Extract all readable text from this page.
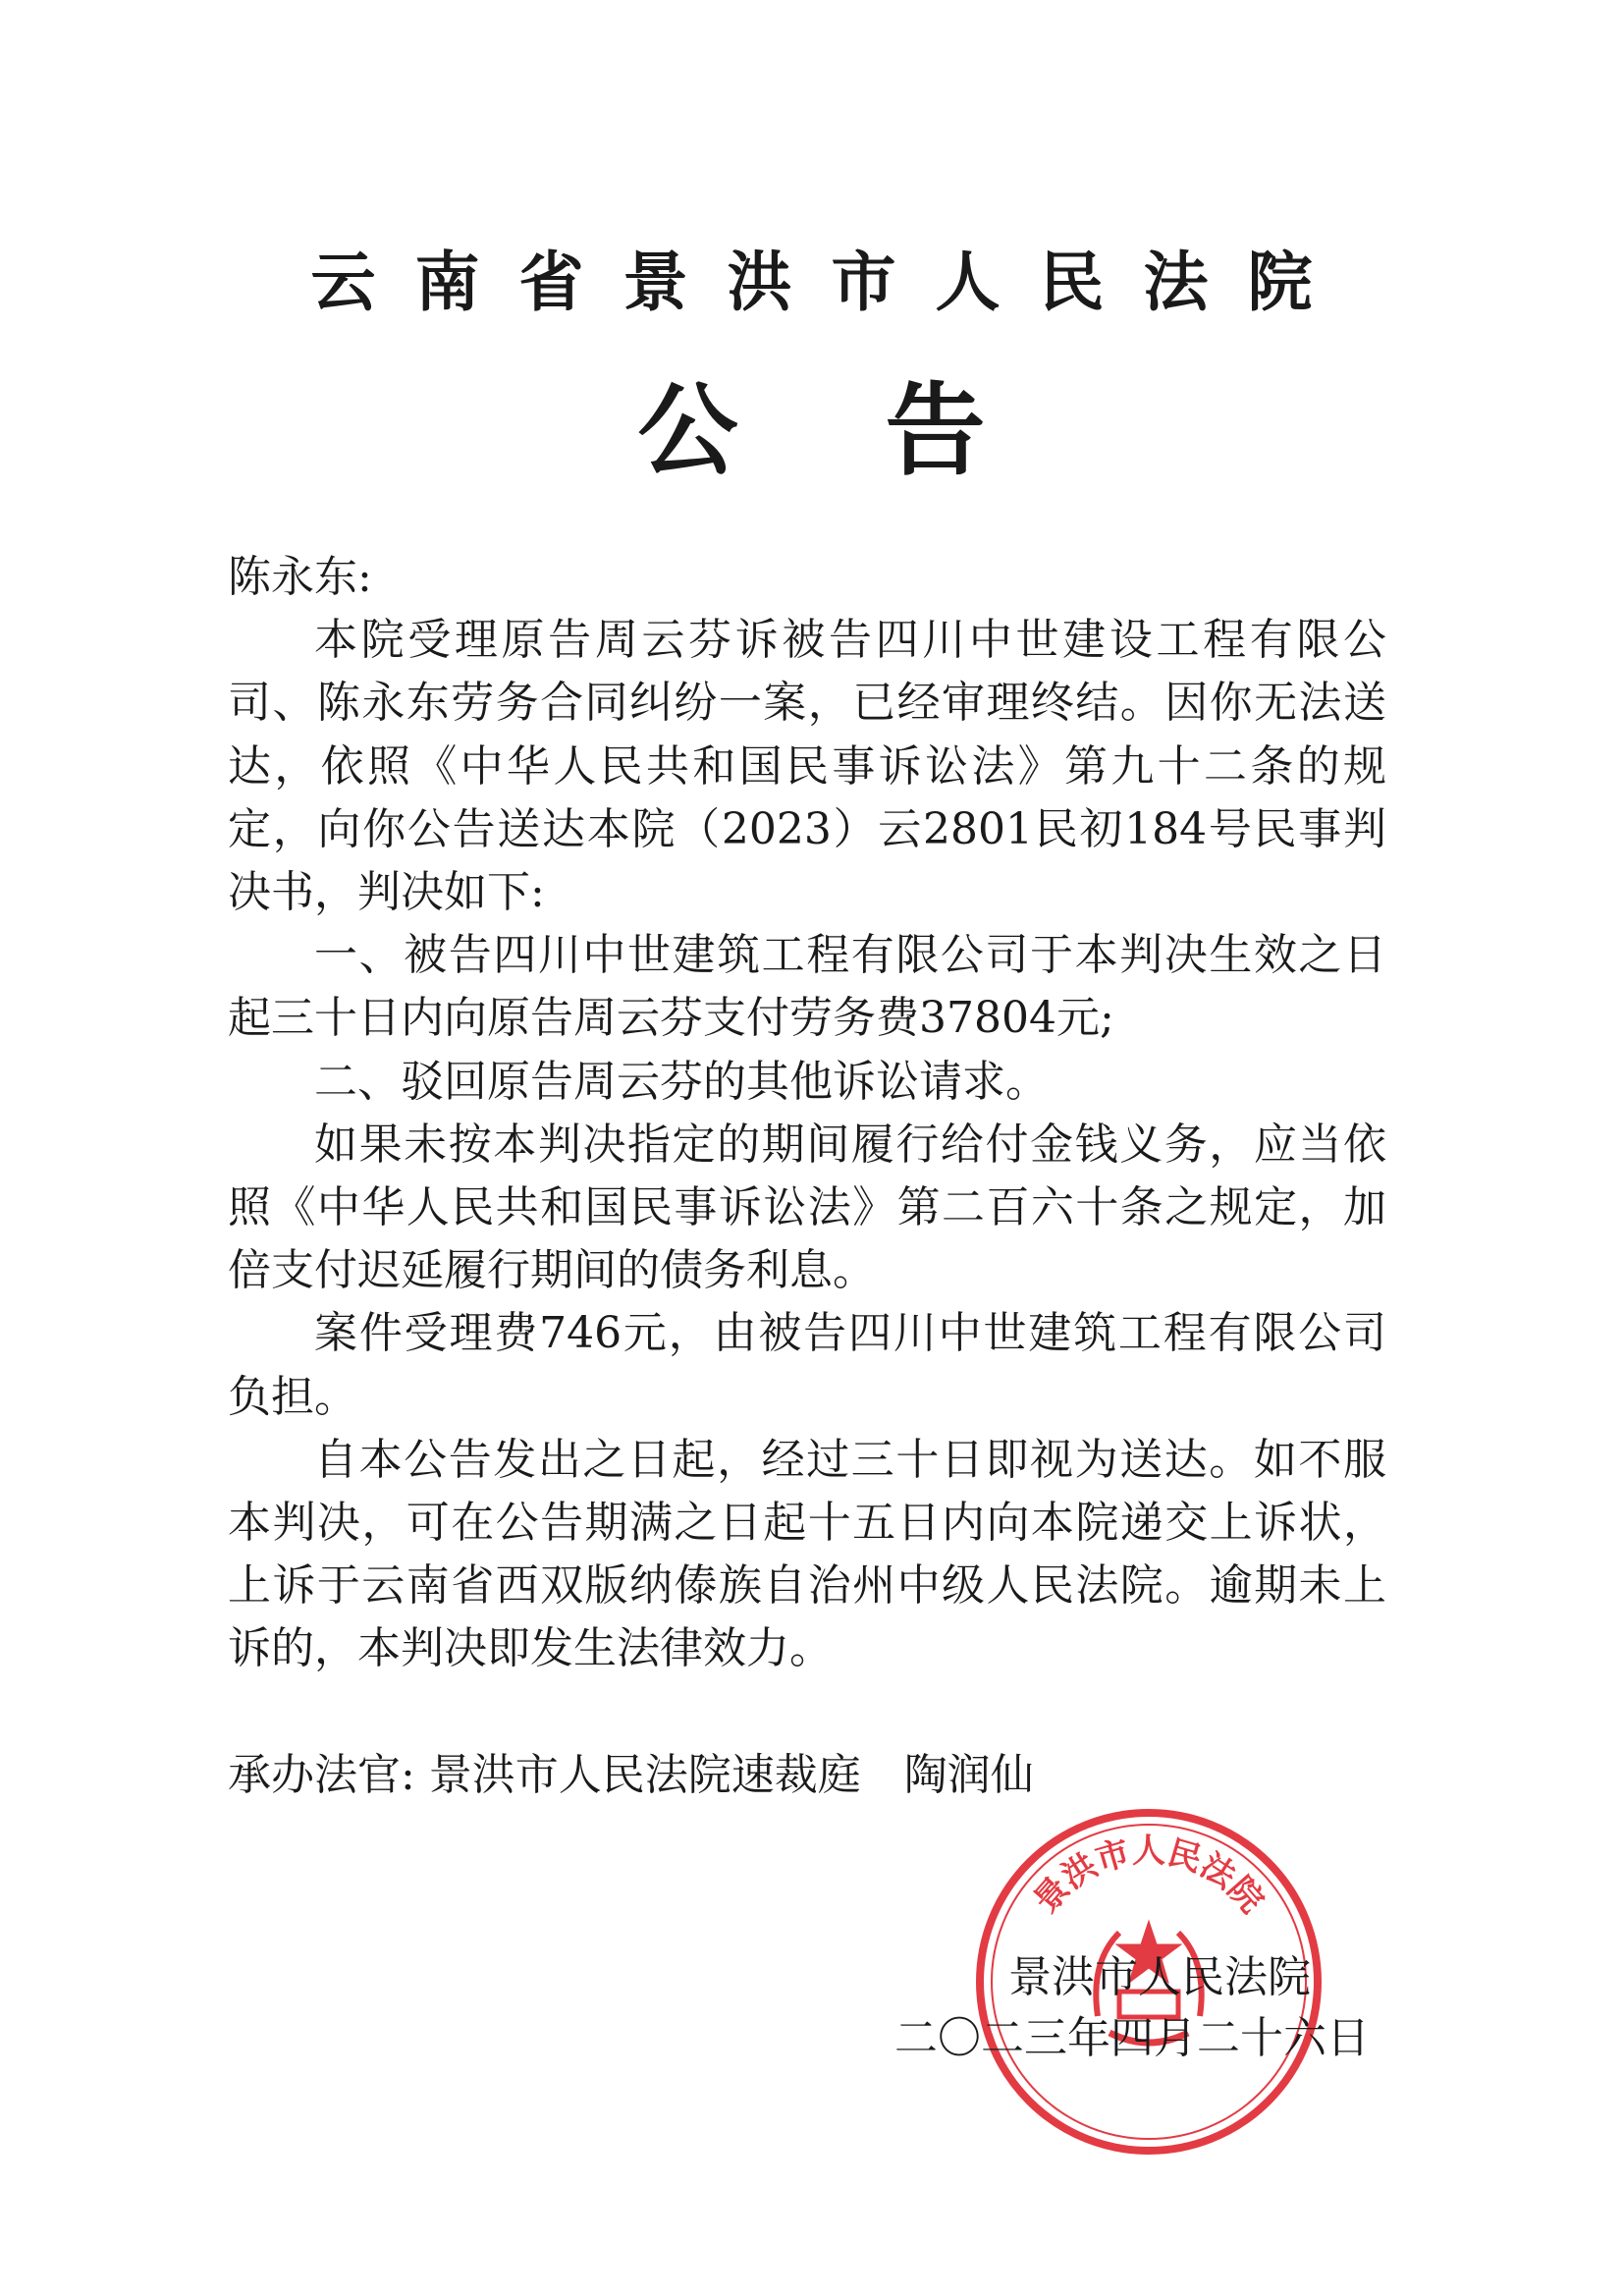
云南省景洪市人民法院
公告

陈永东:

本院受理原告周云芬诉被告四川中世建设工程有限公司、陈永东劳务合同纠纷一案，已经审理终结。因你无法送达，依照《中华人民共和国民事诉讼法》第九十二条的规定，向你公告送达本院（2023）云2801民初184号民事判决书，判决如下:

一、被告四川中世建筑工程有限公司于本判决生效之日起三十日内向原告周云芬支付劳务费37804元;

二、驳回原告周云芬的其他诉讼请求。

如果未按本判决指定的期间履行给付金钱义务，应当依照《中华人民共和国民事诉讼法》第二百六十条之规定，加倍支付迟延履行期间的债务利息。

案件受理费746元，由被告四川中世建筑工程有限公司负担。

自本公告发出之日起，经过三十日即视为送达。如不服本判决，可在公告期满之日起十五日内向本院递交上诉状，上诉于云南省西双版纳傣族自治州中级人民法院。逾期未上诉的，本判决即发生法律效力。

承办法官: 景洪市人民法院速裁庭　陶润仙

景洪市人民法院
景洪市人民法院
二〇二三年四月二十六日
